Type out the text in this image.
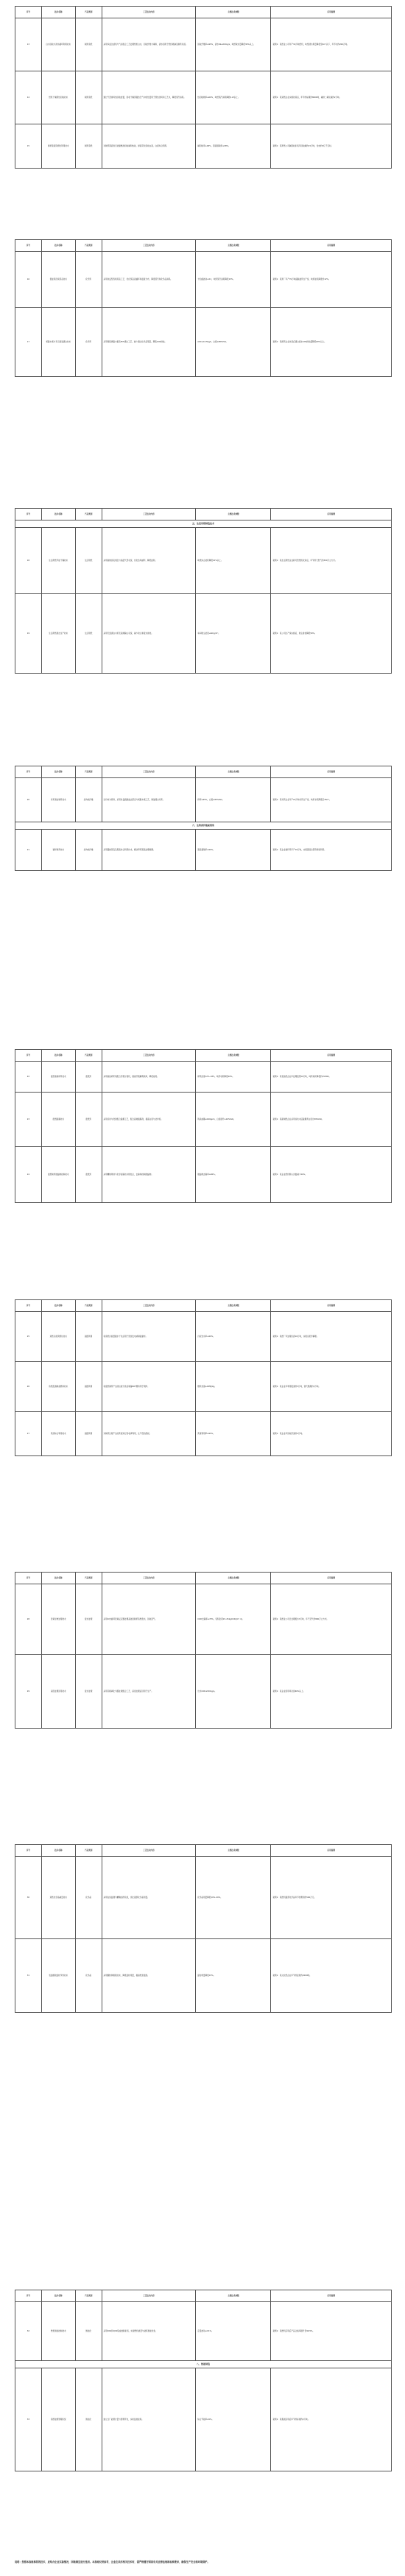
序号	技术名称	产品类别	工艺技术内容	主要技术参数	应用案例
13	白水回收与清水循环利用技术	制浆造纸	采用多盘过滤机与气浮组合工艺处理纸机白水，回收纤维与填料，清水回用于纸机喷淋及制浆系统。	回收纤维率≥95%，清水SS≤20mg/L，吨纸取水量降低30%以上。	案例1：某纸业公司年产30万吨纸机，吨纸清水用量降低至6m³以下，年节水约200万吨。
14	纸机干燥部热回收技术	制浆造纸	通过气罩排风热回收装置，回收干燥部湿热空气中的热量用于预热送风和工艺水，降低蒸汽消耗。	热回收效率≥60%，吨纸蒸汽消耗降低0.2t以上。	案例1：某造纸企业实施改造后，年节约标煤约8000吨，减排二氧化碳约2万吨。
15	制浆废液资源化利用技术	制浆造纸	对制浆黑液进行浓缩燃烧回收碱和热能，绿液苛化回收白液，白泥综合利用。	碱回收率≥96%，黑液提取率≥98%。	案例1：某浆纸公司碱回收系统年回收碱约15万吨，发电约3亿千瓦时。
序号	技术名称	产品类别	工艺技术内容	主要技术参数	应用案例
16	低能耗连续蒸煮技术	化学浆	采用改良型连续蒸煮工艺，优化蒸煮液循环和温度分布，降低蒸汽和化学品消耗。	卡伯值波动≤±1，吨浆蒸汽消耗降低15%。	案例1：某浆厂年产70万吨硫酸盐浆生产线，吨浆能耗降低约12%。
17	氧脱木素与无元素氯漂白技术	化学浆	采用两段氧脱木素及ECF漂白工艺，减少漂白化学品用量，降低AOX排放。	AOX≤0.15kg/t，白度≥88%ISO。	案例1：某纸浆企业改造后漂白废水AOX排放量降低60%以上。
序号	技术名称	产品类别	工艺技术内容	主要技术参数	应用案例
五、生活用纸制造技术					
18	生活用纸节能干燥技术	生活用纸	采用高效扬克烘缸与高温气罩系统，优化热风循环，降低能耗。	吨纸综合能耗降低10%以上。	案例1：某生活用纸企业新月型纸机改造后，年节约天然气约300万立方米。
19	生活用纸清洁生产技术	生活用纸	采用无氯漂白木浆及高效除尘系统，减少粉尘和废水排放。	车间粉尘浓度≤4mg/m³。	案例1：某公司生产线实施后，粉尘排放降低50%。
序号	技术名称	产品类别	工艺技术内容	主要技术参数	应用案例
20	竹浆清洁制浆技术	生物质纤维	以竹材为原料，采用改良硫酸盐法蒸煮与氧脱木素工艺，制备漂白竹浆。	得率≥45%，白度≥85%ISO。	案例1：某竹浆企业年产20万吨竹浆生产线，吨浆水耗降低至35m³。
六、生物质纤维素纸浆					
21	秸秆制浆技术	生物质纤维	采用置换蒸煮及黑液综合利用技术，解决草浆黑液处理难题。	黑液提取率≥90%。	案例1：某企业秸秆浆年产10万吨，实现黑液全部资源化利用。
序号	技术名称	产品类别	工艺技术内容	主要技术参数	应用案例
22	废纸高效碎浆技术	废纸浆	采用高浓碎浆机配合纤维分离机，提高纤维解离效率，降低能耗。	碎浆浓度12%–18%，吨浆电耗降低20%。	案例1：某包装纸企业年处理废纸50万吨，吨浆电耗降低约15kWh。
23	废纸脱墨技术	废纸浆	采用浮选与洗涤组合脱墨工艺，配合高效脱墨剂，提高白度与洁净度。	残余油墨≤100ppm，白度提升≥10%ISO。	案例1：某新闻纸企业采用该技术后脱墨浆白度达58%ISO。
24	废纸制浆胶黏物控制技术	废纸浆	采用精细筛选与化学固着技术相结合，去除和控制胶黏物。	胶黏物去除率≥90%。	案例1：某企业纸机断头次数减少40%。
序号	技术名称	产品类别	工艺技术内容	主要技术参数	应用案例
25	造纸污泥资源化技术	固废利用	将造纸污泥经脱水干化后用于焚烧发电或制备建材。	污泥含水率≤40%。	案例1：某纸厂年处理污泥10万吨，实现污泥零填埋。
26	造纸废渣制备燃料技术	固废利用	将废纸制浆产生的轻渣分选后制备RDF燃料用于锅炉。	燃料热值≥16MJ/kg。	案例1：某企业年利用废渣约5万吨，替代燃煤约3万吨。
27	浆渣综合利用技术	固废利用	对制浆过程产生的浆渣进行回收再利用，生产低档纸板。	浆渣利用率≥95%。	案例1：某企业年回收浆渣约2万吨。
序号	技术名称	产品类别	工艺技术内容	主要技术参数	应用案例
28	厌氧生物处理技术	废水处理	采用IC内循环厌氧反应器处理高浓度制浆造纸废水，回收沼气。	COD去除率≥70%，容积负荷15–25kgCOD/(m³·d)。	案例1：某纸业公司日处理废水3万吨，年产沼气约800万立方米。
29	深度处理回用技术	废水处理	采用芬顿氧化与膜处理组合工艺，深度处理后回用于生产。	出水COD≤50mg/L。	案例1：某企业回用率达到60%以上。
序号	技术名称	产品类别	工艺技术内容	主要技术参数	应用案例
30	造纸化学品减量技术	化学品	采用在线监测与精确加药系统，优化湿部化学品用量。	化学品用量降低10%–20%。	案例1：某纸机湿部化学品年节约费用约500万元。
31	表面施胶淀粉节约技术	化学品	采用膜转移施胶技术，降低淀粉用量，提高纸张强度。	淀粉用量降低15%。	案例1：某文化纸企业年节约淀粉约2000吨。
序号	技术名称	产品类别	工艺技术内容	主要技术参数	应用案例
32	纸机智能控制技术	智能化	采用DCS和QCS集成控制系统，实现纸机质量与能耗智能优化。	定量波动≤±1%。	案例1：某纸机应用后产品合格率提升至99.5%。
八、智能制造					
33	造纸能源管理系统	智能化	建立全厂能源计量与管理平台，实时监控能耗。	综合节能率≥5%。	案例1：某集团应用后年节约标煤约2万吨。
说明：按照本指南推荐的技术，应结合企业实际情况，因地制宜进行选用。本指南仅供参考，企业在采用相关技术时，需严格遵守国家有关法律法规和标准要求，确保生产安全和环境保护。
